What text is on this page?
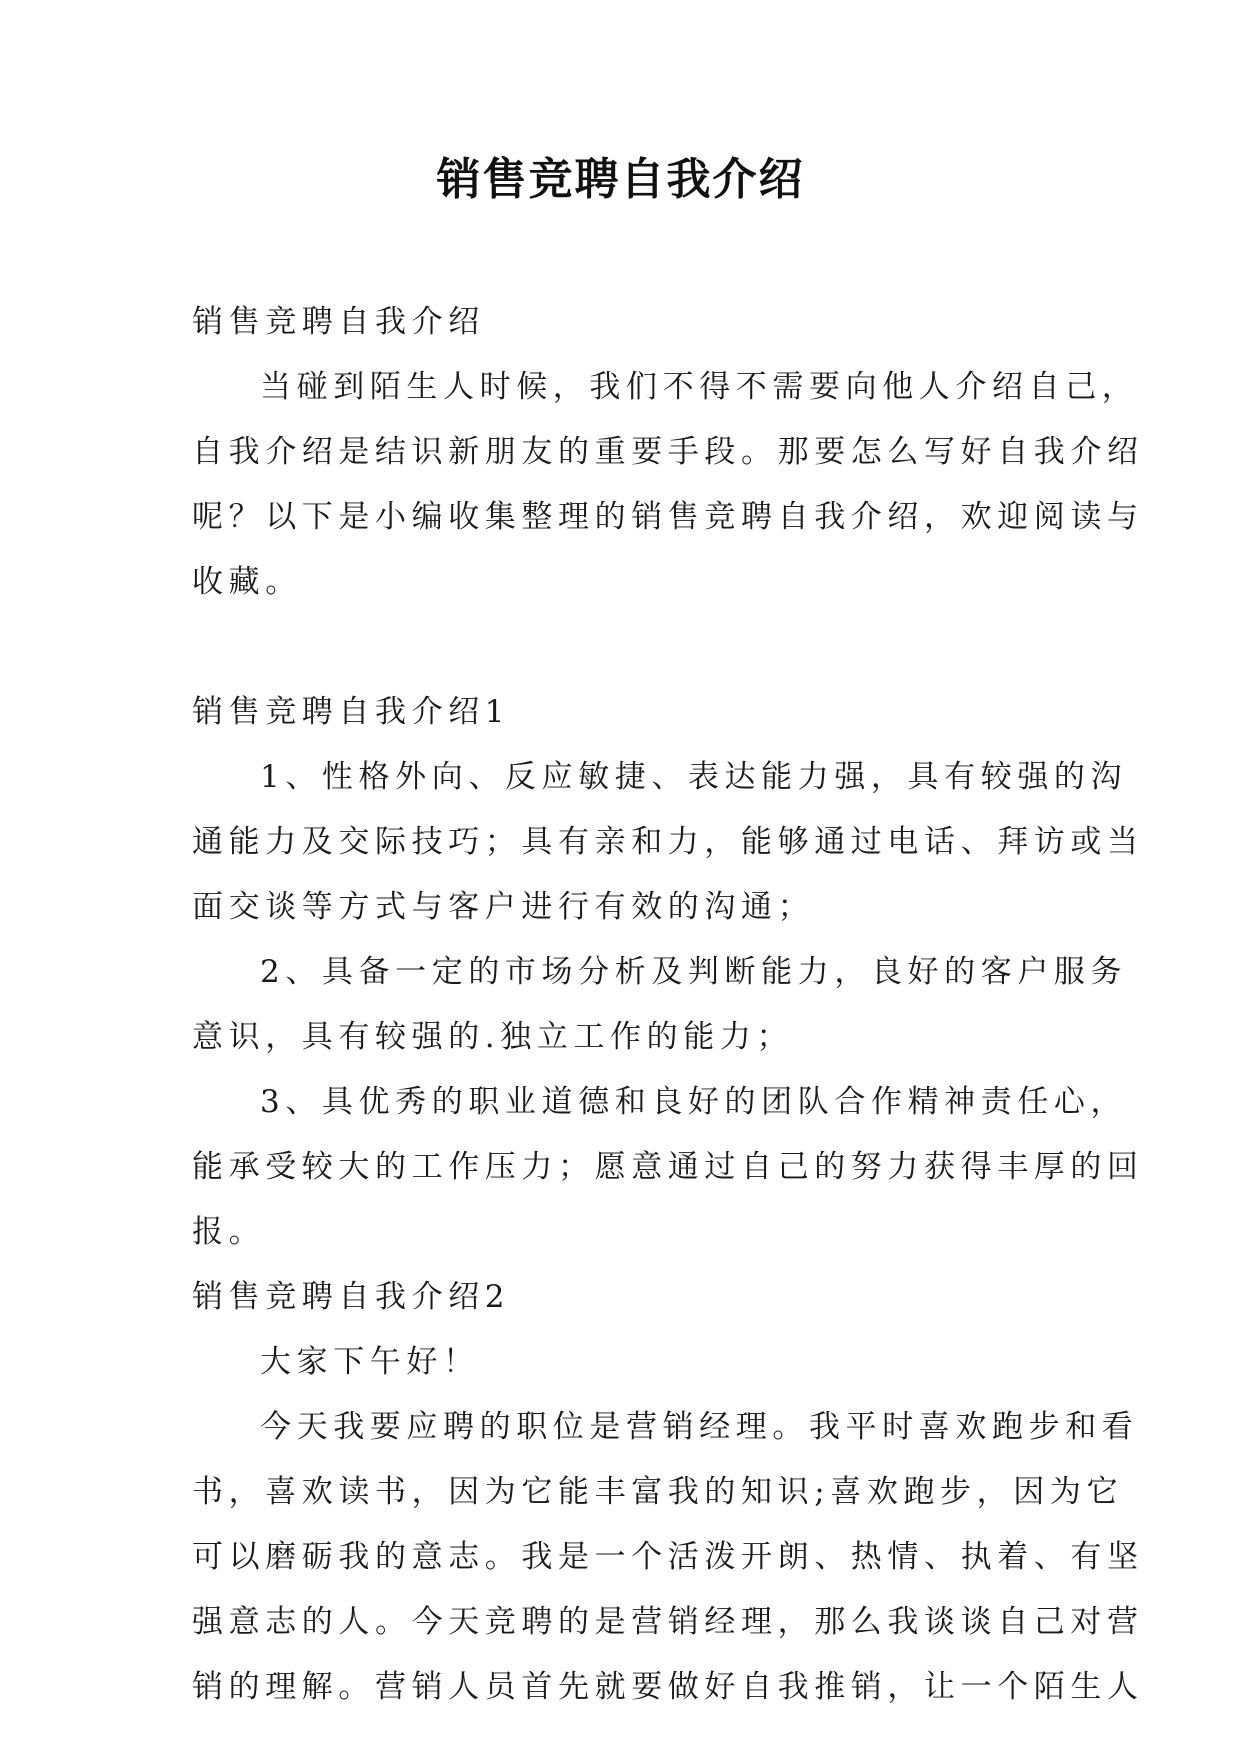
销售竞聘自我介绍

销售竞聘自我介绍

当碰到陌生人时候，我们不得不需要向他人介绍自己，

自我介绍是结识新朋友的重要手段。那要怎么写好自我介绍

呢？以下是小编收集整理的销售竞聘自我介绍，欢迎阅读与

收藏。

销售竞聘自我介绍1

1、性格外向、反应敏捷、表达能力强，具有较强的沟

通能力及交际技巧；具有亲和力，能够通过电话、拜访或当

面交谈等方式与客户进行有效的沟通；

2、具备一定的市场分析及判断能力，良好的客户服务

意识，具有较强的.独立工作的能力；

3、具优秀的职业道德和良好的团队合作精神责任心，

能承受较大的工作压力；愿意通过自己的努力获得丰厚的回

报。

销售竞聘自我介绍2

大家下午好！

今天我要应聘的职位是营销经理。我平时喜欢跑步和看

书，喜欢读书，因为它能丰富我的知识;喜欢跑步，因为它

可以磨砺我的意志。我是一个活泼开朗、热情、执着、有坚

强意志的人。今天竞聘的是营销经理，那么我谈谈自己对营

销的理解。营销人员首先就要做好自我推销，让一个陌生人
